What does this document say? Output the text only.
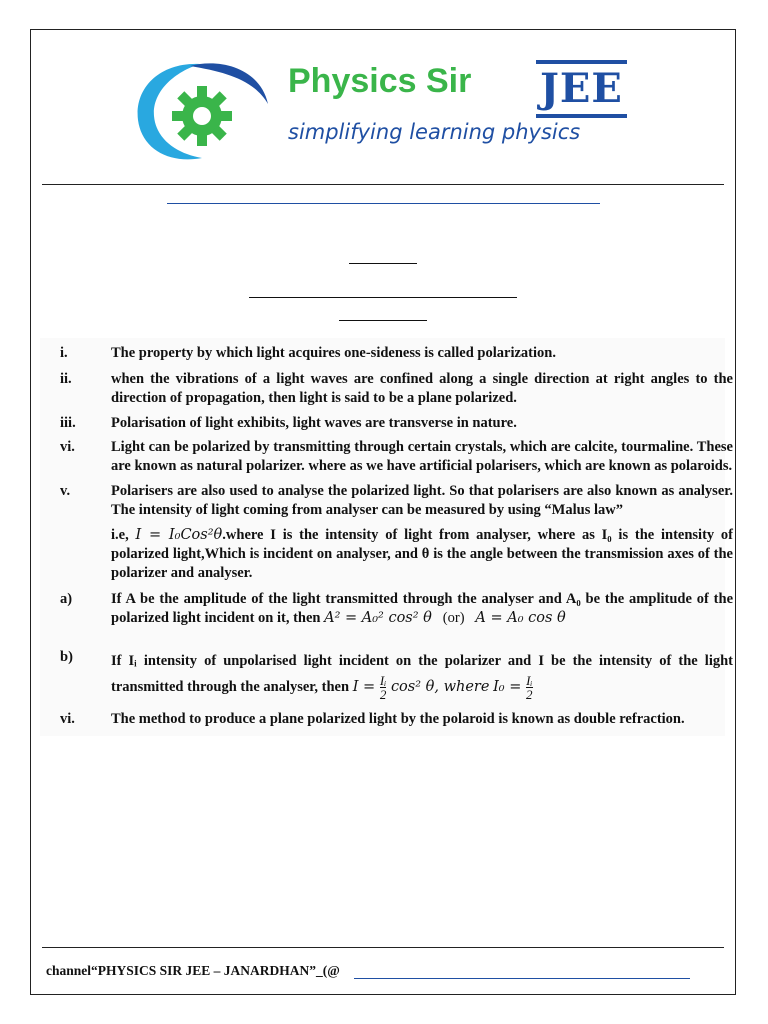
Physics Sir JEE
simplifying learning physics
i.	The property by which light acquires one-sideness is called polarization.
ii.	when the vibrations of a light waves are confined along a single direction at right angles to the direction of propagation, then light is said to be a plane polarized.
iii. Polarisation of light exhibits, light waves are transverse in nature.
vi. Light can be polarized by transmitting through certain crystals, which are calcite, tourmaline. These are known as natural polarizer. where as we have artificial polarisers, which are known as polaroids.
v.	Polarisers are also used to analyse the polarized light. So that polarisers are also known as analyser. The intensity of light coming from analyser can be measured by using “Malus law”
i.e, I = I₀Cos²θ.where I is the intensity of light from analyser, where as I₀ is the intensity of polarized light,Which is incident on analyser, and θ is the angle between the transmission axes of the polarizer and analyser.
a)	If A be the amplitude of the light transmitted through the analyser and A₀ be the amplitude of the polarized light incident on it, then A² = A₀² cos² θ (or) A = A₀ cos θ
b)	If Iᵢ intensity of unpolarised light incident on the polarizer and I be the intensity of the light transmitted through the analyser, then $I = \frac{\text{Iᵢ}}{2} \cos^2$ θ, where $I_0 = \frac{\text{Iᵢ}}{2}$
vi. The method to produce a plane polarized light by the polaroid is known as double refraction.
channel“PHYSICS SIR JEE – JANARDHAN”_(@
